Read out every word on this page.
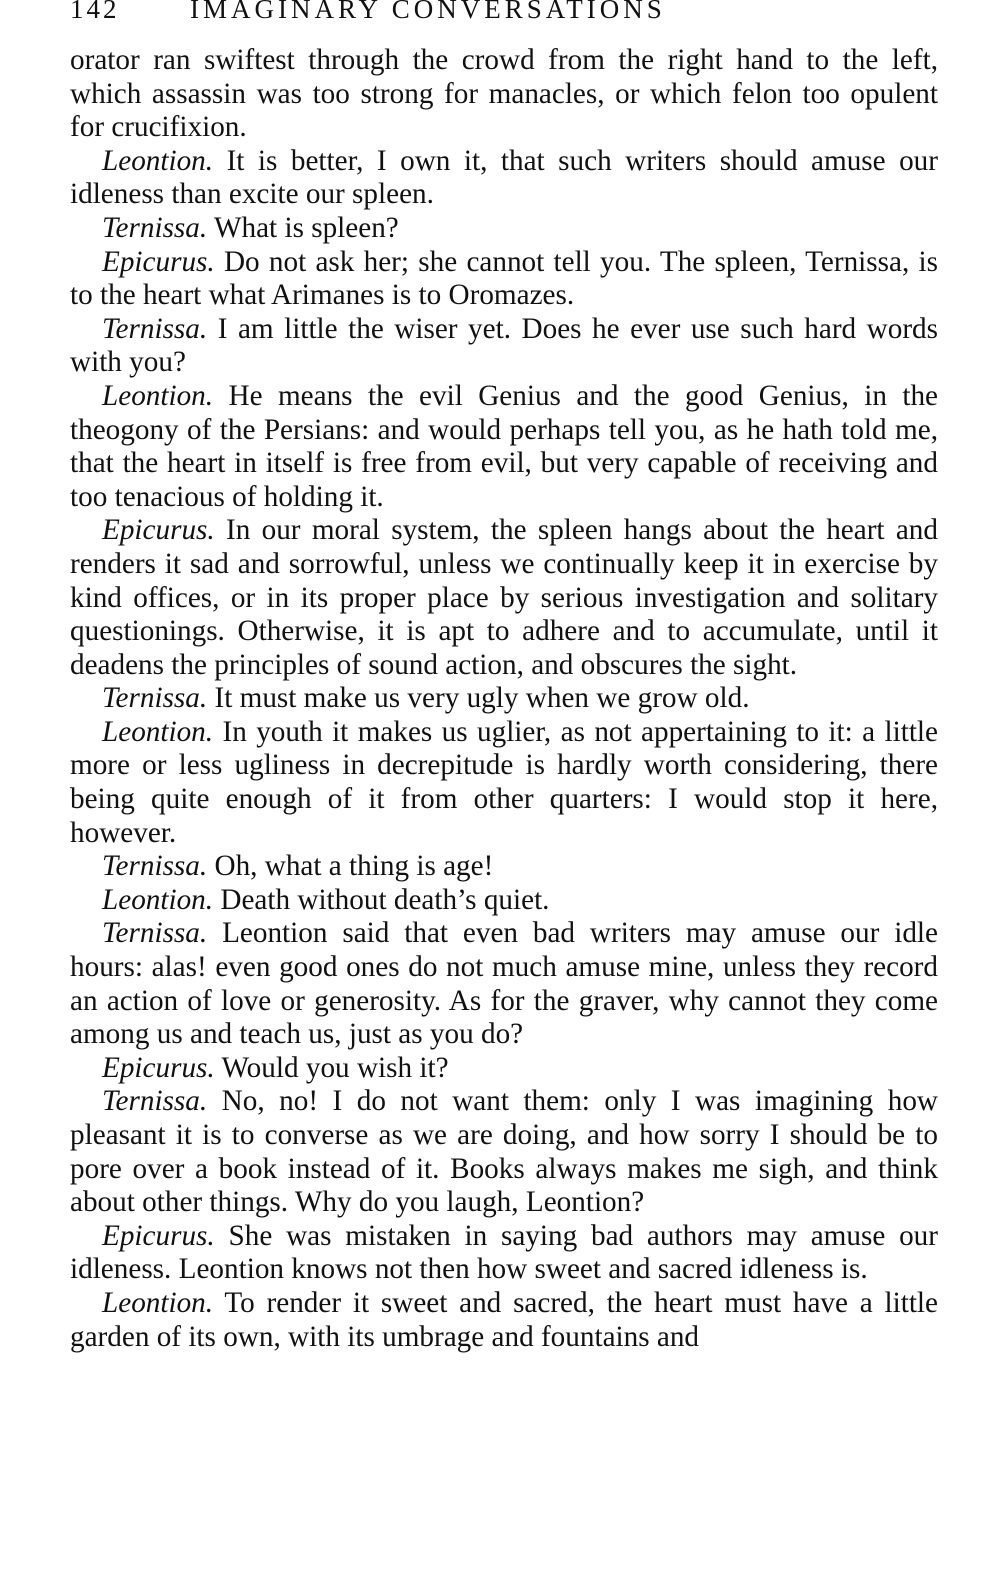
142	IMAGINARY CONVERSATIONS

orator ran swiftest through the crowd from the right hand to the left, which assassin was too strong for manacles, or which felon too opulent for crucifixion.

Leontion. It is better, I own it, that such writers should amuse our idleness than excite our spleen.

Ternissa. What is spleen?

Epicurus. Do not ask her; she cannot tell you. The spleen, Ternissa, is to the heart what Arimanes is to Oromazes.

Ternissa. I am little the wiser yet. Does he ever use such hard words with you?

Leontion. He means the evil Genius and the good Genius, in the theogony of the Persians: and would perhaps tell you, as he hath told me, that the heart in itself is free from evil, but very capable of receiving and too tenacious of holding it.

Epicurus. In our moral system, the spleen hangs about the heart and renders it sad and sorrowful, unless we continually keep it in exercise by kind offices, or in its proper place by serious investigation and solitary questionings. Otherwise, it is apt to adhere and to accumulate, until it deadens the principles of sound action, and obscures the sight.

Ternissa. It must make us very ugly when we grow old.

Leontion. In youth it makes us uglier, as not appertaining to it: a little more or less ugliness in decrepitude is hardly worth considering, there being quite enough of it from other quarters: I would stop it here, however.

Ternissa. Oh, what a thing is age!

Leontion. Death without death’s quiet.

Ternissa. Leontion said that even bad writers may amuse our idle hours: alas! even good ones do not much amuse mine, unless they record an action of love or generosity. As for the graver, why cannot they come among us and teach us, just as you do?

Epicurus. Would you wish it?

Ternissa. No, no! I do not want them: only I was imagining how pleasant it is to converse as we are doing, and how sorry I should be to pore over a book instead of it. Books always makes me sigh, and think about other things. Why do you laugh, Leontion?

Epicurus. She was mistaken in saying bad authors may amuse our idleness. Leontion knows not then how sweet and sacred idleness is.

Leontion. To render it sweet and sacred, the heart must have a little garden of its own, with its umbrage and fountains and
